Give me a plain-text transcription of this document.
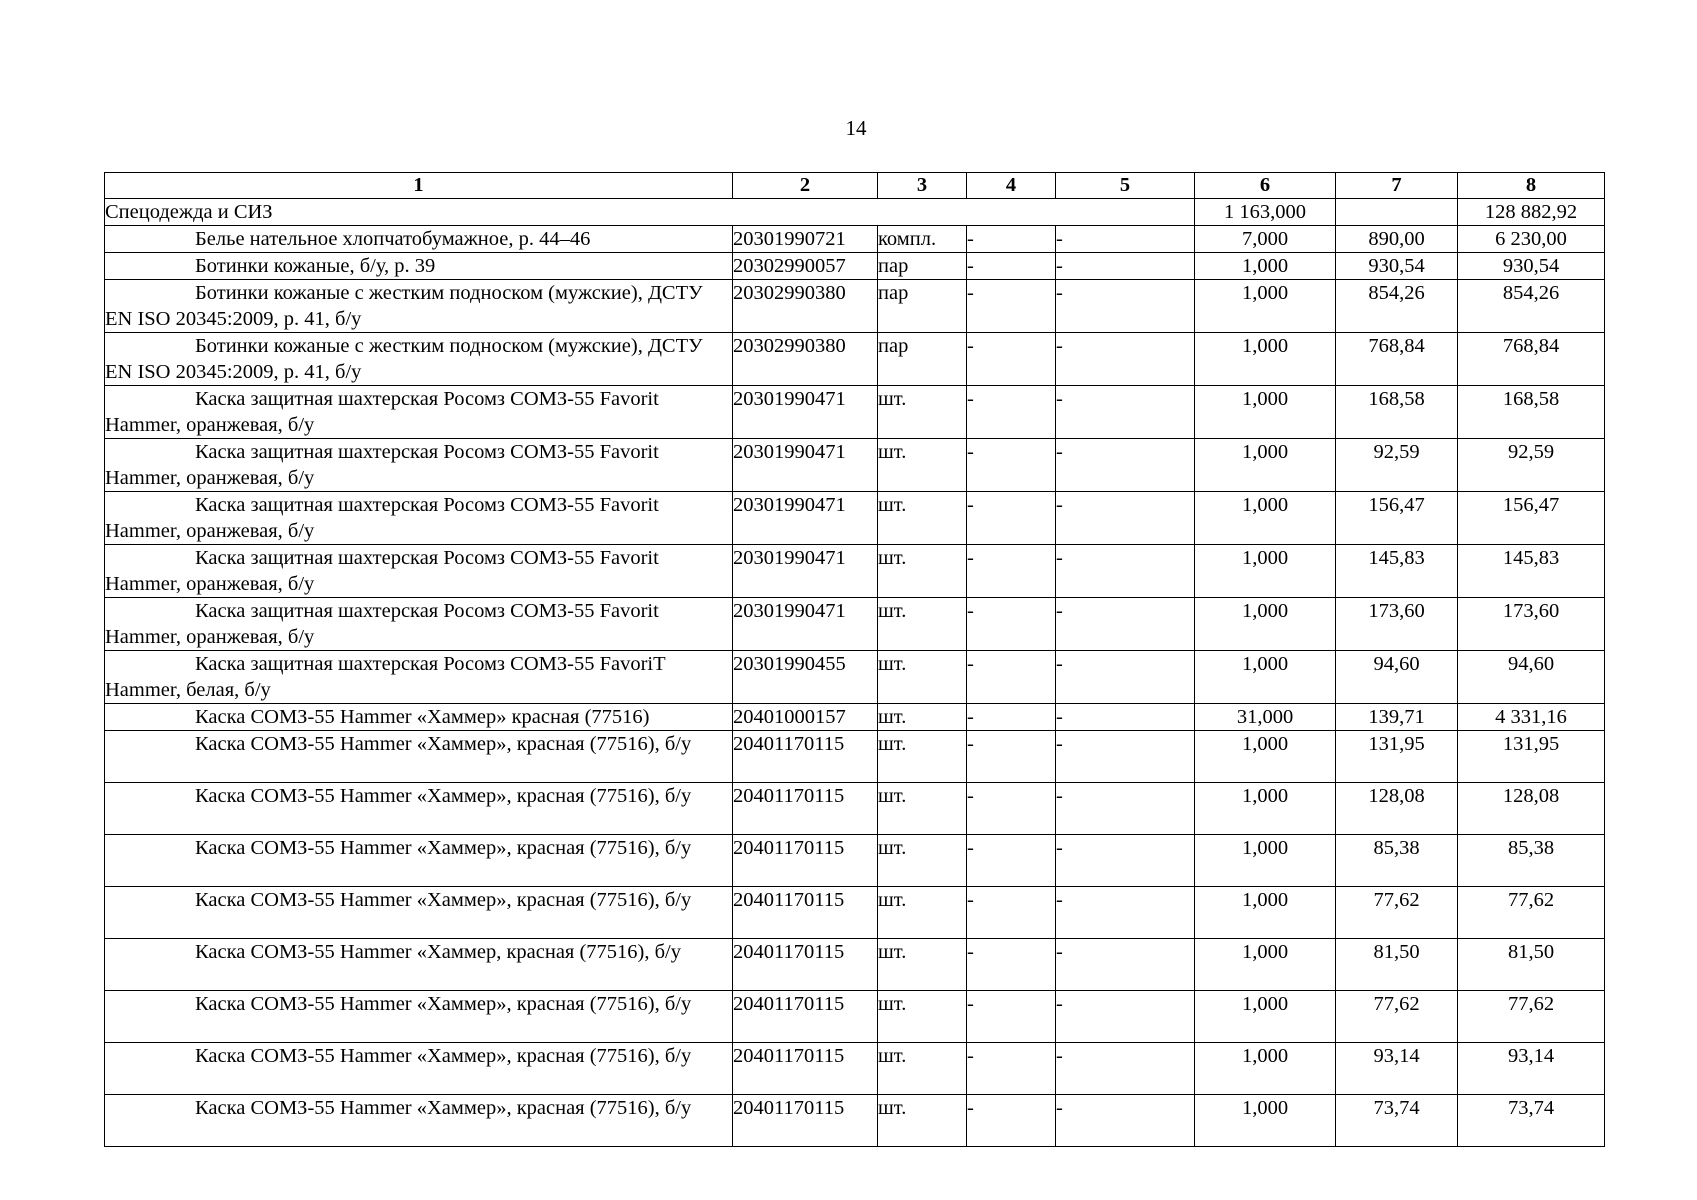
14
1	2	3	4	5	6	7	8
Спецодежда и СИЗ					1 163,000		128 882,92
Белье нательное хлопчатобумажное, р. 44–46	20301990721	компл.	-	-	7,000	890,00	6 230,00
Ботинки кожаные, б/у, р. 39	20302990057	пар	-	-	1,000	930,54	930,54
Ботинки кожаные с жестким подноском (мужские), ДСТУ EN ISO 20345:2009, р. 41, б/у	20302990380	пар	-	-	1,000	854,26	854,26
Ботинки кожаные с жестким подноском (мужские), ДСТУ EN ISO 20345:2009, р. 41, б/у	20302990380	пар	-	-	1,000	768,84	768,84
Каска защитная шахтерская Росомз СОМЗ-55 Favorit Hammer, оранжевая, б/у	20301990471	шт.	-	-	1,000	168,58	168,58
Каска защитная шахтерская Росомз СОМЗ-55 Favorit Hammer, оранжевая, б/у	20301990471	шт.	-	-	1,000	92,59	92,59
Каска защитная шахтерская Росомз СОМЗ-55 Favorit Hammer, оранжевая, б/у	20301990471	шт.	-	-	1,000	156,47	156,47
Каска защитная шахтерская Росомз СОМЗ-55 Favorit Hammer, оранжевая, б/у	20301990471	шт.	-	-	1,000	145,83	145,83
Каска защитная шахтерская Росомз СОМЗ-55 Favorit Hammer, оранжевая, б/у	20301990471	шт.	-	-	1,000	173,60	173,60
Каска защитная шахтерская Росомз СОМЗ-55 FavoriT Hammer, белая, б/у	20301990455	шт.	-	-	1,000	94,60	94,60
Каска СОМЗ-55 Hammer «Хаммер» красная (77516)	20401000157	шт.	-	-	31,000	139,71	4 331,16
Каска СОМЗ-55 Hammer «Хаммер», красная (77516), б/у	20401170115	шт.	-	-	1,000	131,95	131,95
Каска СОМЗ-55 Hammer «Хаммер», красная (77516), б/у	20401170115	шт.	-	-	1,000	128,08	128,08
Каска СОМЗ-55 Hammer «Хаммер», красная (77516), б/у	20401170115	шт.	-	-	1,000	85,38	85,38
Каска СОМЗ-55 Hammer «Хаммер», красная (77516), б/у	20401170115	шт.	-	-	1,000	77,62	77,62
Каска СОМЗ-55 Hammer «Хаммер, красная (77516), б/у	20401170115	шт.	-	-	1,000	81,50	81,50
Каска СОМЗ-55 Hammer «Хаммер», красная (77516), б/у	20401170115	шт.	-	-	1,000	77,62	77,62
Каска СОМЗ-55 Hammer «Хаммер», красная (77516), б/у	20401170115	шт.	-	-	1,000	93,14	93,14
Каска СОМЗ-55 Hammer «Хаммер», красная (77516), б/у	20401170115	шт.	-	-	1,000	73,74	73,74
